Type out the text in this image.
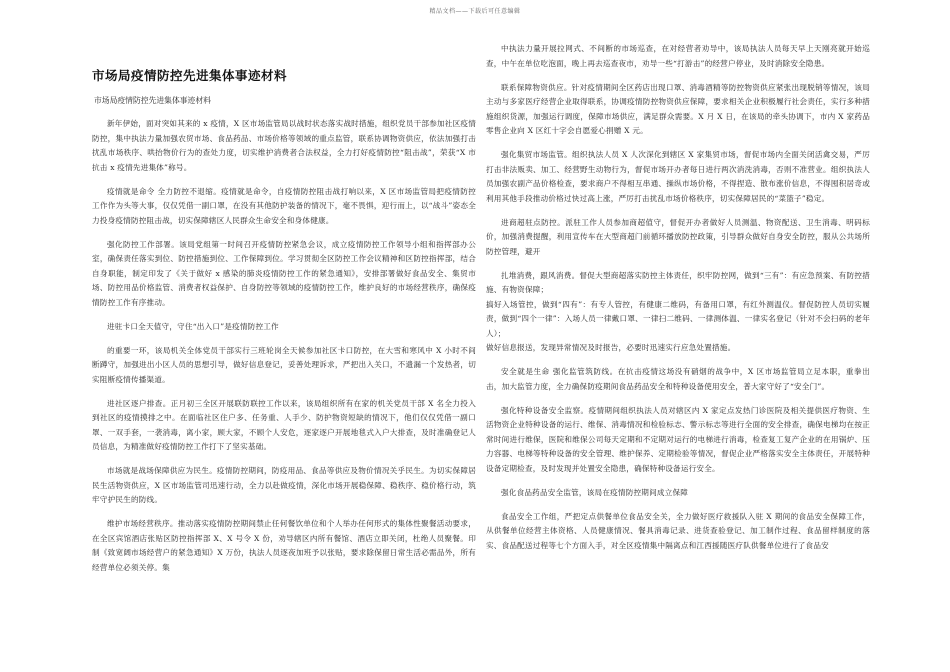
精品文档——下载后可任意编辑
市场局疫情防控先进集体事迹材料
市场局疫情防控先进集体事迹材料

新年伊始，面对突如其来的 x 疫情，X 区市场监管局以战时状态落实战时措施，组织党员干部参加社区疫情防控，集中执法力量加强农贸市场、食品药品、市场价格等领域的重点监管，联系协调物资供应，依法加强打击扰乱市场秩序、哄抬物价行为的查处力度，切实维护消费者合法权益，全力打好疫情防控“阻击战”，荣获“X 市抗击 x 疫情先进集体”称号。

疫情就是命令 全力防控不退缩。疫情就是命令，自疫情防控阻击战打响以来，X 区市场监管局把疫情防控工作作为头等大事，仅仅凭借一副口罩，在没有其他防护装备的情况下，毫不畏惧，迎行而上，以“战斗”姿态全力投身疫情防控阻击战，切实保障辖区人民群众生命安全和身体健康。

强化防控工作部署。该局党组第一时间召开疫情防控紧急会议，成立疫情防控工作领导小组和指挥部办公室，确保责任落实到位、防控措施到位、工作保障到位。学习贯彻全区防控工作会议精神和区防控指挥部，结合自身职能，制定印发了《关于做好 x 感染的肺炎疫情防控工作的紧急通知》，安排部署做好食品安全、集贸市场、防控用品价格监管、消费者权益保护、自身防控等领域的疫情防控工作，维护良好的市场经营秩序，确保疫情防控工作有序推动。

进驻卡口全天值守，守住“出入口”是疫情防控工作

的重要一环，该局机关全体党员干部实行三班轮岗全天候参加社区卡口防控，在大雪和寒风中 X 小时不间断蹲守，加强进出小区人员的思想引导，做好信息登记，妥善处理诉求，严把出入关口，不遗漏一个发热者，切实阻断疫情传播渠道。

进社区逐户排查。正月初三全区开展联防联控工作以来，该局组织所有在家的机关党员干部 X 名全力投入到社区的疫情摸排之中。在面临社区住户多、任务重、人手少、防护物资短缺的情况下，他们仅仅凭借一副口罩、一双手套，一袭消毒，离小家，顾大家，不顾个人安危，逐家逐户开展地毯式入户大排查，及时准确登记人员信息，为精准做好疫情防控工作打下了坚实基础。

市场就是战场保障供应为民生。疫情防控期间，防疫用品、食品等供应及物价情况关乎民生。为切实保障居民生活物资供应，X 区市场监管司迅速行动，全力以赴做疫情，深化市场开展稳保障、稳秩序、稳价格行动，筑牢守护民生的防线。

维护市场经营秩序。推动落实疫情防控期间禁止任何餐饮单位和个人举办任何形式的集体性聚餐活动要求，在全区宾馆酒店张贴区防控指挥部 X、X 号令 X 份，劝导辖区内所有餐馆、酒店立即关闭，杜绝人员聚餐。印制《致宽阔市场经营户的紧急通知》X 万份，执法人员逐夜加班予以张贴，要求除保留日常生活必需品外，所有经营单位必须关停。集

中执法力量开展拉网式、不间断的市场巡查，在对经营者劝导中，该局执法人员每天早上天刚亮就开始巡查，中午在单位吃泡面，晚上再去巡查夜市，劝导一些“打游击”的经营户停业，及时消除安全隐患。

联系保障物资供应。针对疫情期间全区药店出现口罩、消毒酒精等防控物资供应紧张出现脱销等情况，该局主动与多家医疗经营企业取得联系，协调疫情防控物资供应保障，要求相关企业积极履行社会责任，实行多种措施组织货源，加强运行调度，保障市场供应，满足群众需要。X 月 X 日，在该局的牵头协调下，市内 X 家药品零售企业向 X 区红十字会自愿爱心捐赠 X 元。

强化集贸市场监管。组织执法人员 X 人次深化到辖区 X 家集贸市场，督促市场内全面关闭活禽交易，严厉打击非法贩卖、加工、经营野生动物行为，督促市场开办者每日进行两次消洗消毒，否则不准营业。组织执法人员加强农副产品价格检查，要求商户不得相互串通、操纵市场价格，不得捏造、散布涨价信息，不得囤积居奇或利用其他手段推动价格过快过高上涨，严厉打击扰乱市场价格秩序，切实保障居民的“菜篮子”稳定。

进商超驻点防控。派驻工作人员参加商超值守，督促开办者做好人员测温、物资配送、卫生消毒、明码标价，加强消费提醒，利用宣传车在大型商超门前循环播放防控政策，引导群众做好自身安全防控，服从公共场所防控管理，避开

扎堆消费，跟风消费。督促大型商超落实防控主体责任，织牢防控网，做到“三有”：有应急预案、有防控措施、有物资保障；

搞好入场管控，做到“四有”：有专人管控，有健康二维码，有备用口罩，有红外测温仪。督促防控人员切实履责，做到“四个一律”：入场人员一律戴口罩、一律扫二维码、一律测体温、一律实名登记（针对不会扫码的老年人）；

做好信息报送，发现异常情况及时报告，必要时迅速实行应急处置措施。

安全就是生命 强化监管筑防线。在抗击疫情这场没有硝烟的战争中，X 区市场监管局立足本职，重拳出击，加大监管力度，全力确保防疫期间食品药品安全和特种设备使用安全，普大家守好了“安全门”。

强化特种设备安全监察。疫情期间组织执法人员对辖区内 X 家定点发热门诊医院及相关提供医疗物资、生活物资企业特种设备的运行、维保、消毒情况和检验标志、警示标志等进行全面的安全排查，确保电梯均在按正常时间进行维保，医院和维保公司每天定期和不定期对运行的电梯进行消毒，检查复工复产企业的在用锅炉、压力容器、电梯等特种设备的安全管理、维护保养、定期检验等情况，督促企业严格落实安全主体责任，开展特种设备定期检查，及时发现并处置安全隐患，确保特种设备运行安全。

强化食品药品安全监管，该局在疫情防控期间成立保障

食品安全工作组，严把定点供餐单位食品安全关，全力做好医疗救援队入驻 X 期间的食品安全保障工作，从供餐单位经营主体资格、人员健康情况、餐具消毒记录、进货查验登记、加工制作过程、食品留样制度的落实、食品配送过程等七个方面入手，对全区疫情集中隔离点和江西援随医疗队供餐单位进行了食品安
